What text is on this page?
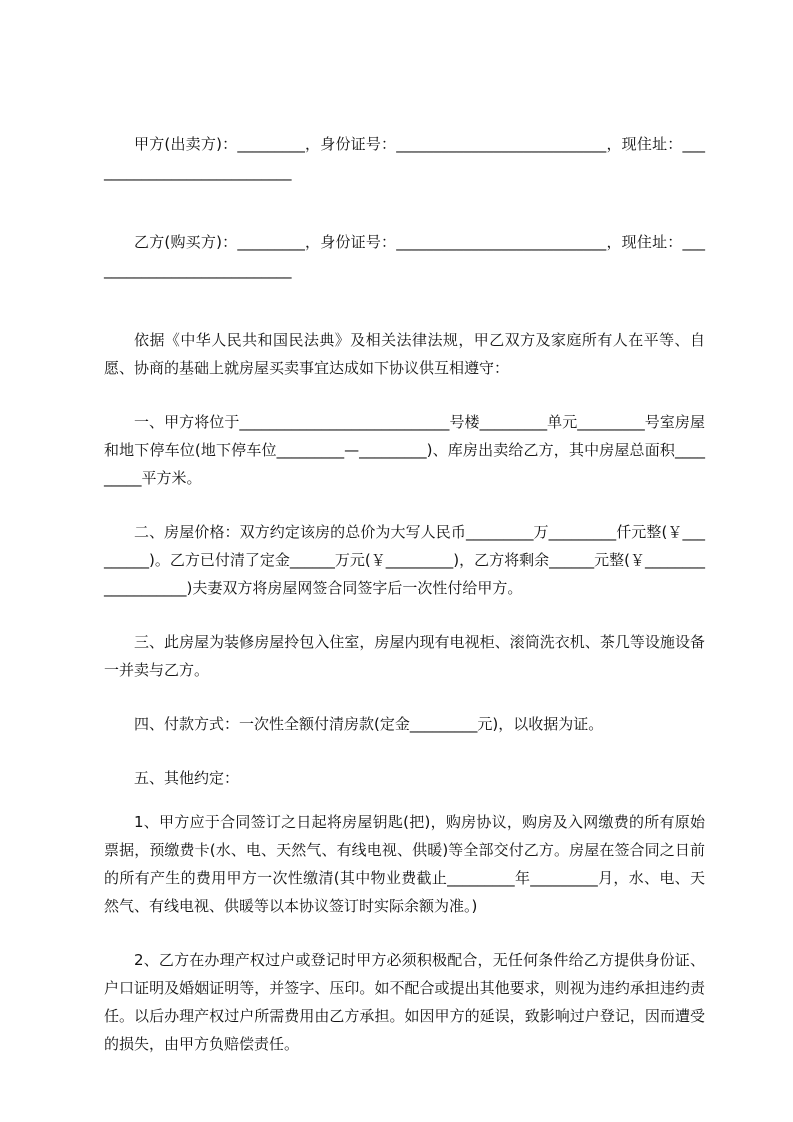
甲方(出卖方)：_________，身份证号：____________________________，现住址：____________________________

乙方(购买方)：_________，身份证号：____________________________，现住址：____________________________

依据《中华人民共和国民法典》及相关法律法规，甲乙双方及家庭所有人在平等、自愿、协商的基础上就房屋买卖事宜达成如下协议供互相遵守：

一、甲方将位于____________________________号楼_________单元_________号室房屋和地下停车位(地下停车位_________—_________)、库房出卖给乙方，其中房屋总面积_________平方米。

二、房屋价格：双方约定该房的总价为大写人民币_________万_________仟元整(￥_________)。乙方已付清了定金______万元(￥_________)，乙方将剩余______元整(￥___________________)夫妻双方将房屋网签合同签字后一次性付给甲方。

三、此房屋为装修房屋拎包入住室，房屋内现有电视柜、滚筒洗衣机、茶几等设施设备一并卖与乙方。

四、付款方式：一次性全额付清房款(定金_________元)，以收据为证。

五、其他约定：

1、甲方应于合同签订之日起将房屋钥匙(把)，购房协议，购房及入网缴费的所有原始票据，预缴费卡(水、电、天然气、有线电视、供暖)等全部交付乙方。房屋在签合同之日前的所有产生的费用甲方一次性缴清(其中物业费截止_________年_________月，水、电、天然气、有线电视、供暖等以本协议签订时实际余额为准。)

2、乙方在办理产权过户或登记时甲方必须积极配合，无任何条件给乙方提供身份证、户口证明及婚姻证明等，并签字、压印。如不配合或提出其他要求，则视为违约承担违约责任。以后办理产权过户所需费用由乙方承担。如因甲方的延误，致影响过户登记，因而遭受的损失，由甲方负赔偿责任。
